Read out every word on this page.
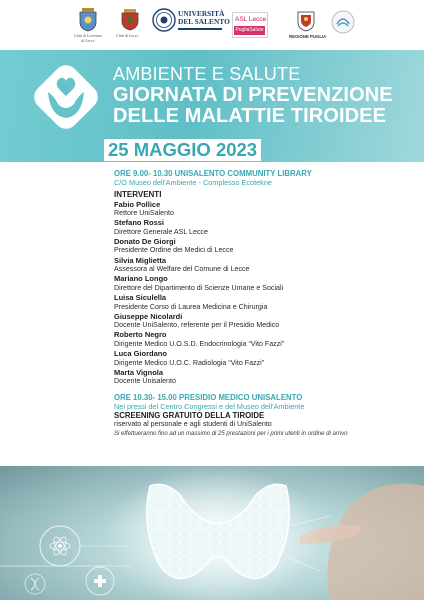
Città di Leverano
di Lecce
Città di Lecce
UNIVERSITÀ
DEL SALENTO ASL Lecce
PugliaSalute
REGIONE PUGLIA
AMBIENTE E SALUTE
GIORNATA DI PREVENZIONE
DELLE MALATTIE TIROIDEE
25 MAGGIO 2023
ORE 9.00- 10.30 UNISALENTO COMMUNITY LIBRARY
C/O Museo dell'Ambiente - Complesso Ecotekne
INTERVENTI
Fabio Pollice
Rettore UniSalento
Stefano Rossi
Direttore Generale ASL Lecce
Donato De Giorgi
Presidente Ordine dei Medici di Lecce
Silvia Miglietta
Assessora al Welfare del Comune di Lecce
Mariano Longo
Direttore del Dipartimento di Scienze Umane e Sociali
Luisa Siculella
Presidente Corso di Laurea Medicina e Chirurgia
Giuseppe Nicolardi
Docente UniSalento, referente per il Presidio Medico
Roberto Negro
Dirigente Medico U.O.S.D. Endocrinologia “Vito Fazzi”
Luca Giordano
Dirigente Medico U.O.C. Radiologia “Vito Fazzi”
Marta Vignola
Docente Unisalento
ORE 10.30- 15.00 PRESIDIO MEDICO UNISALENTO
Nei pressi del Centro Congressi e del Museo dell'Ambiente
SCREENING GRATUITO DELLA TIROIDE
riservato al personale e agli studenti di UniSalento
Si effettueranno fino ad un massimo di 25 prestazioni per i primi utenti in ordine di arrivo
